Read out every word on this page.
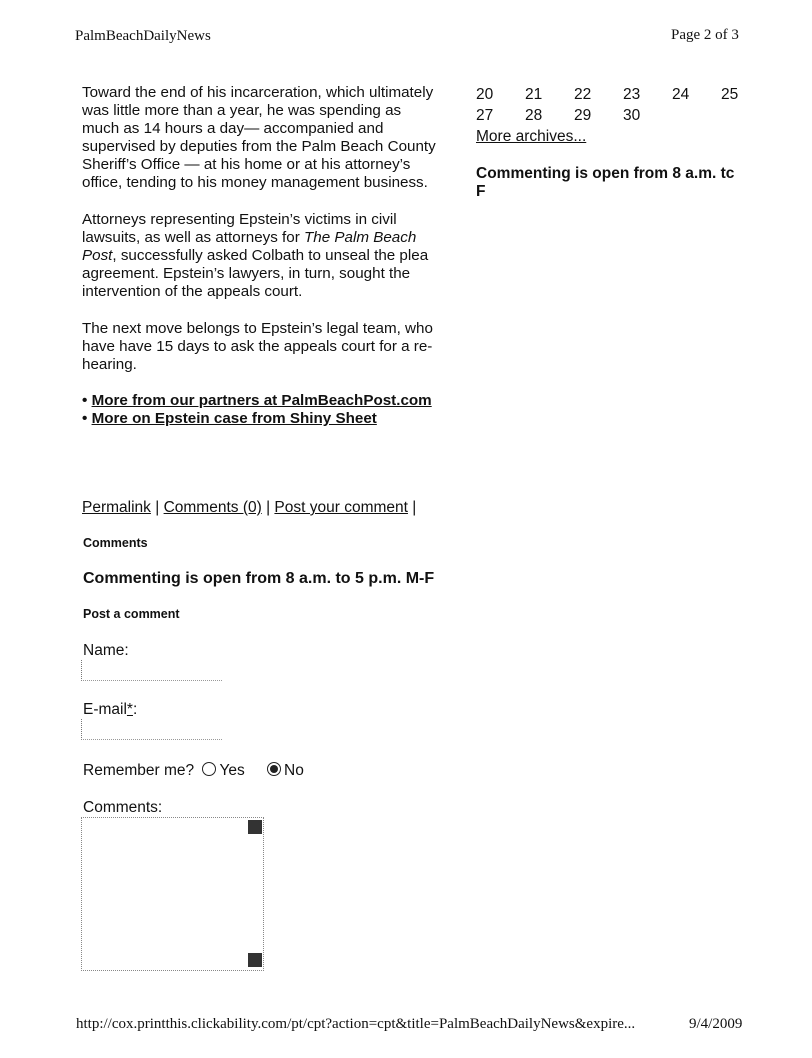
PalmBeachDailyNews	Page 2 of 3

Toward the end of his incarceration, which ultimately was little more than a year, he was spending as much as 14 hours a day— accompanied and supervised by deputies from the Palm Beach County Sheriff’s Office — at his home or at his attorney’s office, tending to his money management business.

Attorneys representing Epstein’s victims in civil lawsuits, as well as attorneys for The Palm Beach Post, successfully asked Colbath to unseal the plea agreement. Epstein’s lawyers, in turn, sought the intervention of the appeals court.

The next move belongs to Epstein’s legal team, who have have 15 days to ask the appeals court for a re-hearing.

• More from our partners at PalmBeachPost.com
• More on Epstein case from Shiny Sheet
Permalink | Comments (0) | Post your comment |
Comments
Commenting is open from 8 a.m. to 5 p.m. M-F
Post a comment
Name:
E-mail*:
Remember me? Yes	No
Comments:
20	21	22	23	24	25
27	28	29	30
More archives...
Commenting is open from 8 a.m. tc F
http://cox.printthis.clickability.com/pt/cpt?action=cpt&title=PalmBeachDailyNews&expire...	9/4/2009
